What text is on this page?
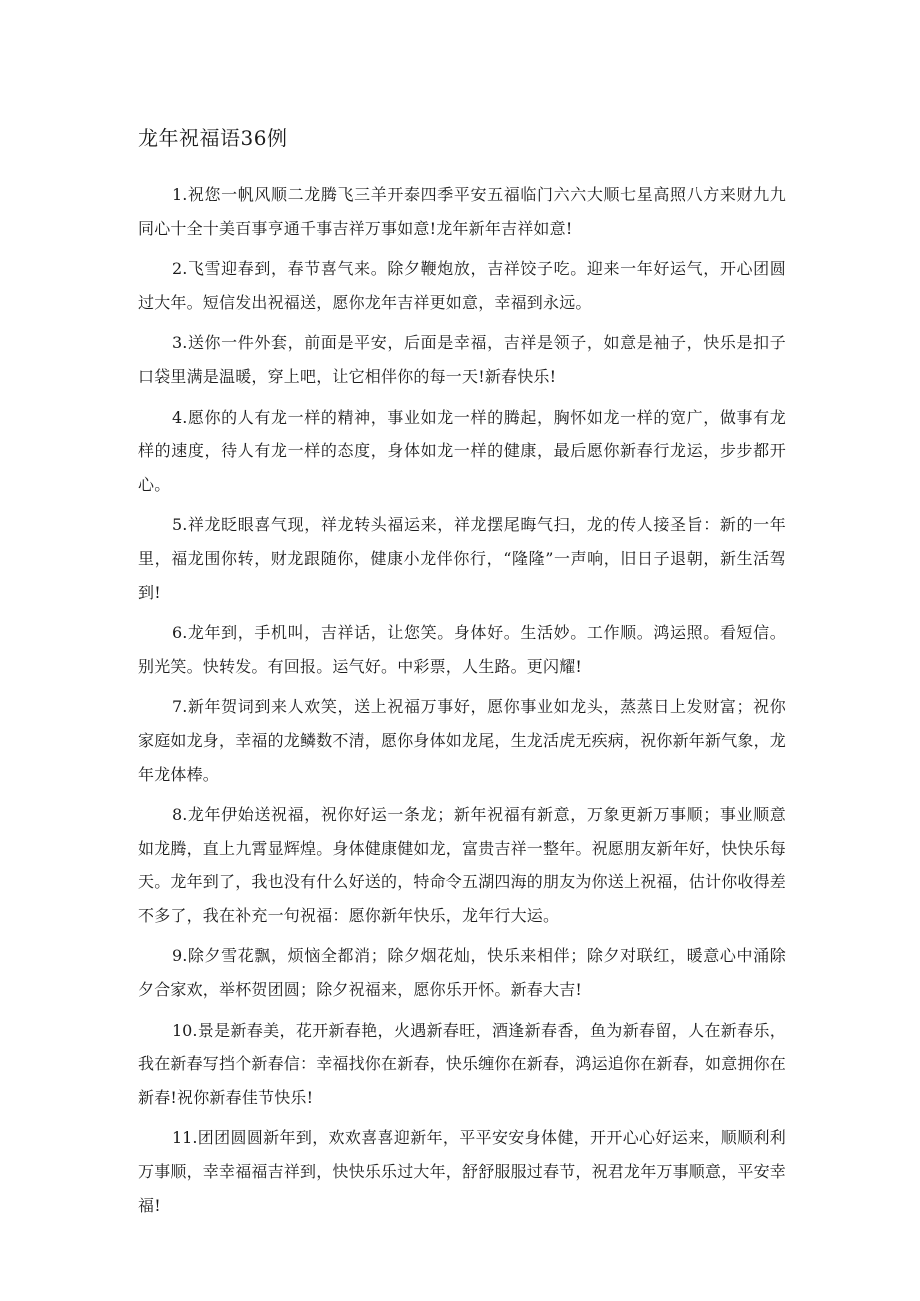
龙年祝福语36例

1.祝您一帆风顺二龙腾飞三羊开泰四季平安五福临门六六大顺七星高照八方来财九九同心十全十美百事亨通千事吉祥万事如意!龙年新年吉祥如意!

2.飞雪迎春到，春节喜气来。除夕鞭炮放，吉祥饺子吃。迎来一年好运气，开心团圆过大年。短信发出祝福送，愿你龙年吉祥更如意，幸福到永远。

3.送你一件外套，前面是平安，后面是幸福，吉祥是领子，如意是袖子，快乐是扣子口袋里满是温暖，穿上吧，让它相伴你的每一天!新春快乐!

4.愿你的人有龙一样的精神，事业如龙一样的腾起，胸怀如龙一样的宽广，做事有龙样的速度，待人有龙一样的态度，身体如龙一样的健康，最后愿你新春行龙运，步步都开心。

5.祥龙眨眼喜气现，祥龙转头福运来，祥龙摆尾晦气扫，龙的传人接圣旨：新的一年里，福龙围你转，财龙跟随你，健康小龙伴你行，“隆隆”一声响，旧日子退朝，新生活驾到!

6.龙年到，手机叫，吉祥话，让您笑。身体好。生活妙。工作顺。鸿运照。看短信。别光笑。快转发。有回报。运气好。中彩票，人生路。更闪耀!

7.新年贺词到来人欢笑，送上祝福万事好，愿你事业如龙头，蒸蒸日上发财富；祝你家庭如龙身，幸福的龙鳞数不清，愿你身体如龙尾，生龙活虎无疾病，祝你新年新气象，龙年龙体棒。

8.龙年伊始送祝福，祝你好运一条龙；新年祝福有新意，万象更新万事顺；事业顺意如龙腾，直上九霄显辉煌。身体健康健如龙，富贵吉祥一整年。祝愿朋友新年好，快快乐每天。龙年到了，我也没有什么好送的，特命令五湖四海的朋友为你送上祝福，估计你收得差不多了，我在补充一句祝福：愿你新年快乐，龙年行大运。

9.除夕雪花飘，烦恼全都消；除夕烟花灿，快乐来相伴；除夕对联红，暖意心中涌除夕合家欢，举杯贺团圆；除夕祝福来，愿你乐开怀。新春大吉!

10.景是新春美，花开新春艳，火遇新春旺，酒逢新春香，鱼为新春留，人在新春乐，我在新春写挡个新春信：幸福找你在新春，快乐缠你在新春，鸿运追你在新春，如意拥你在新春!祝你新春佳节快乐!

11.团团圆圆新年到，欢欢喜喜迎新年，平平安安身体健，开开心心好运来，顺顺利利万事顺，幸幸福福吉祥到，快快乐乐过大年，舒舒服服过春节，祝君龙年万事顺意，平安幸福!
